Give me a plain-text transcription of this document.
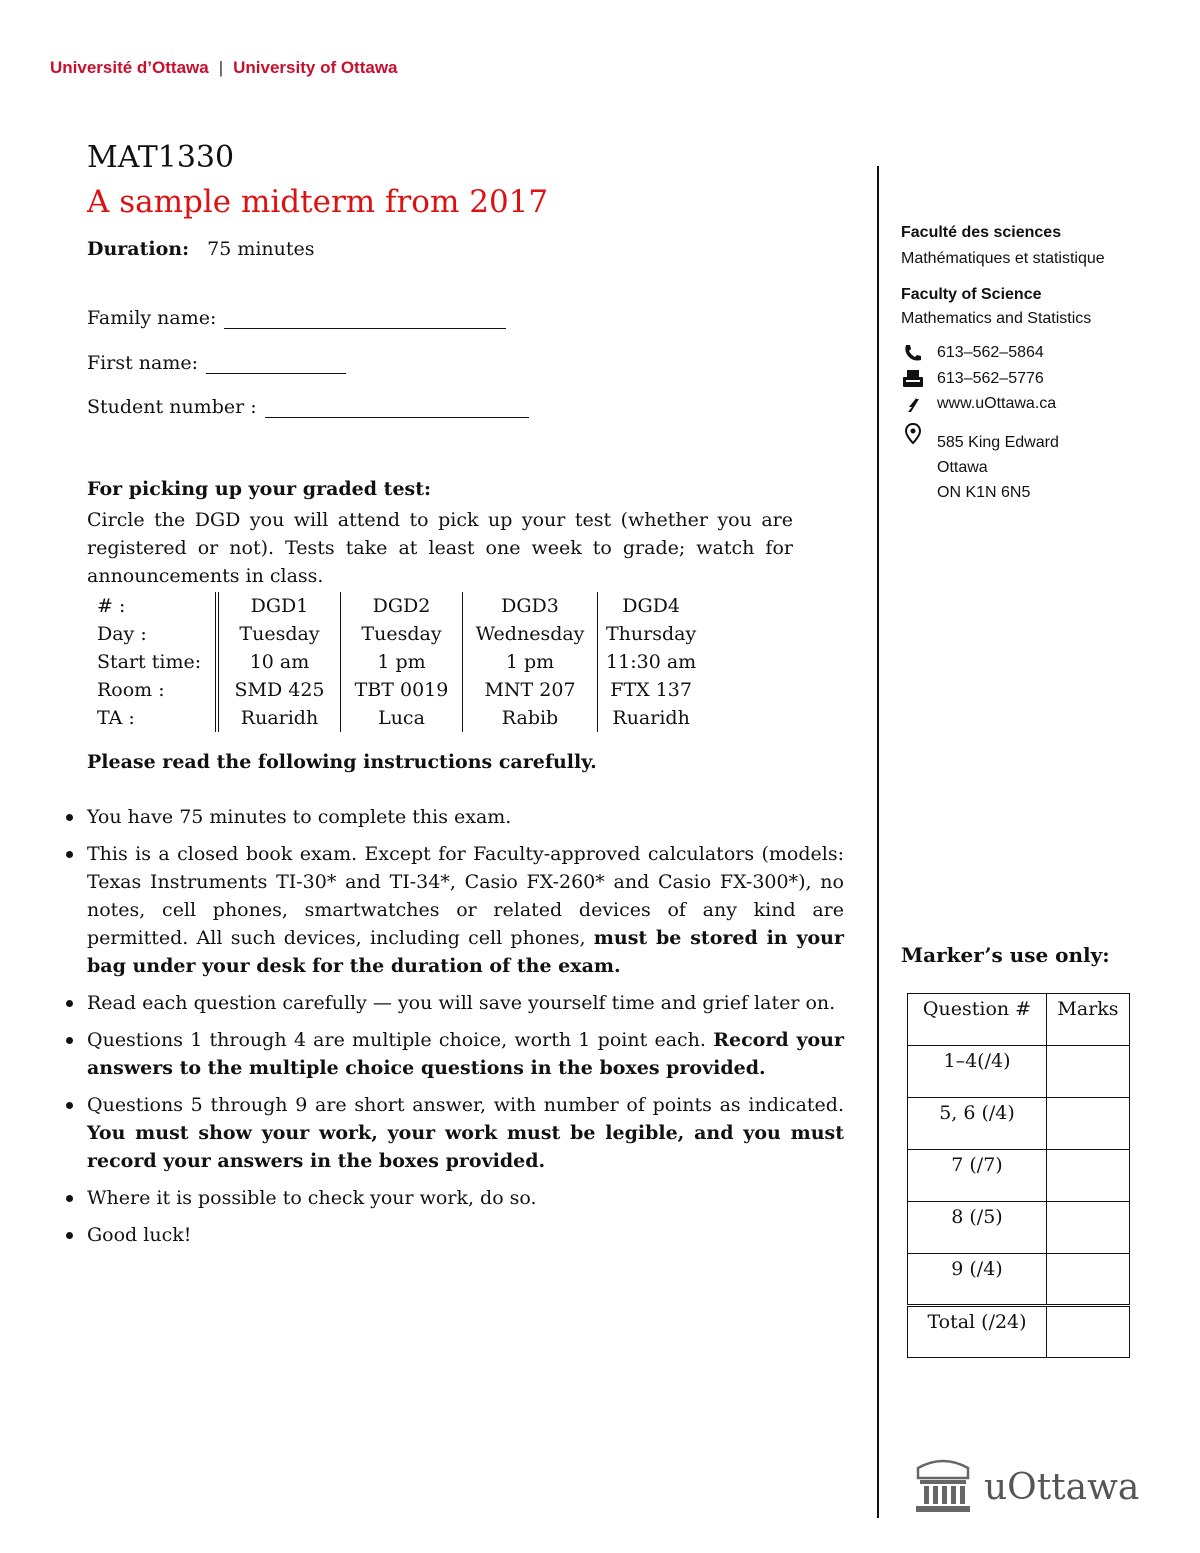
Université d’Ottawa | University of Ottawa
MAT1330
A sample midterm from 2017
Duration: 75 minutes
Family name:
First name:
Student number :
For picking up your graded test:
Circle the DGD you will attend to pick up your test (whether you are registered or not). Tests take at least one week to grade; watch for announcements in class.
# :	DGD1	DGD2	DGD3	DGD4
Day :	Tuesday	Tuesday	Wednesday	Thursday
Start time:	10 am	1 pm	1 pm	11:30 am
Room :	SMD 425	TBT 0019	MNT 207	FTX 137
TA :	Ruaridh	Luca	Rabib	Ruaridh
Please read the following instructions carefully.
You have 75 minutes to complete this exam.
This is a closed book exam. Except for Faculty-approved calculators (models: Texas Instruments TI-30* and TI-34*, Casio FX-260* and Casio FX-300*), no notes, cell phones, smartwatches or related devices of any kind are permitted. All such devices, including cell phones, must be stored in your bag under your desk for the duration of the exam.
Read each question carefully — you will save yourself time and grief later on.
Questions 1 through 4 are multiple choice, worth 1 point each. Record your answers to the multiple choice questions in the boxes provided.
Questions 5 through 9 are short answer, with number of points as indicated. You must show your work, your work must be legible, and you must record your answers in the boxes provided.
Where it is possible to check your work, do so.
Good luck!
Faculté des sciences
Mathématiques et statistique
Faculty of Science
Mathematics and Statistics
613–562–5864
613–562–5776
www.uOttawa.ca
585 King Edward
Ottawa
ON K1N 6N5
Marker’s use only:
Question #	Marks
1–4(/4)	
5, 6 (/4)	
7 (/7)	
8 (/5)	
9 (/4)	
Total (/24)	
uOttawa
